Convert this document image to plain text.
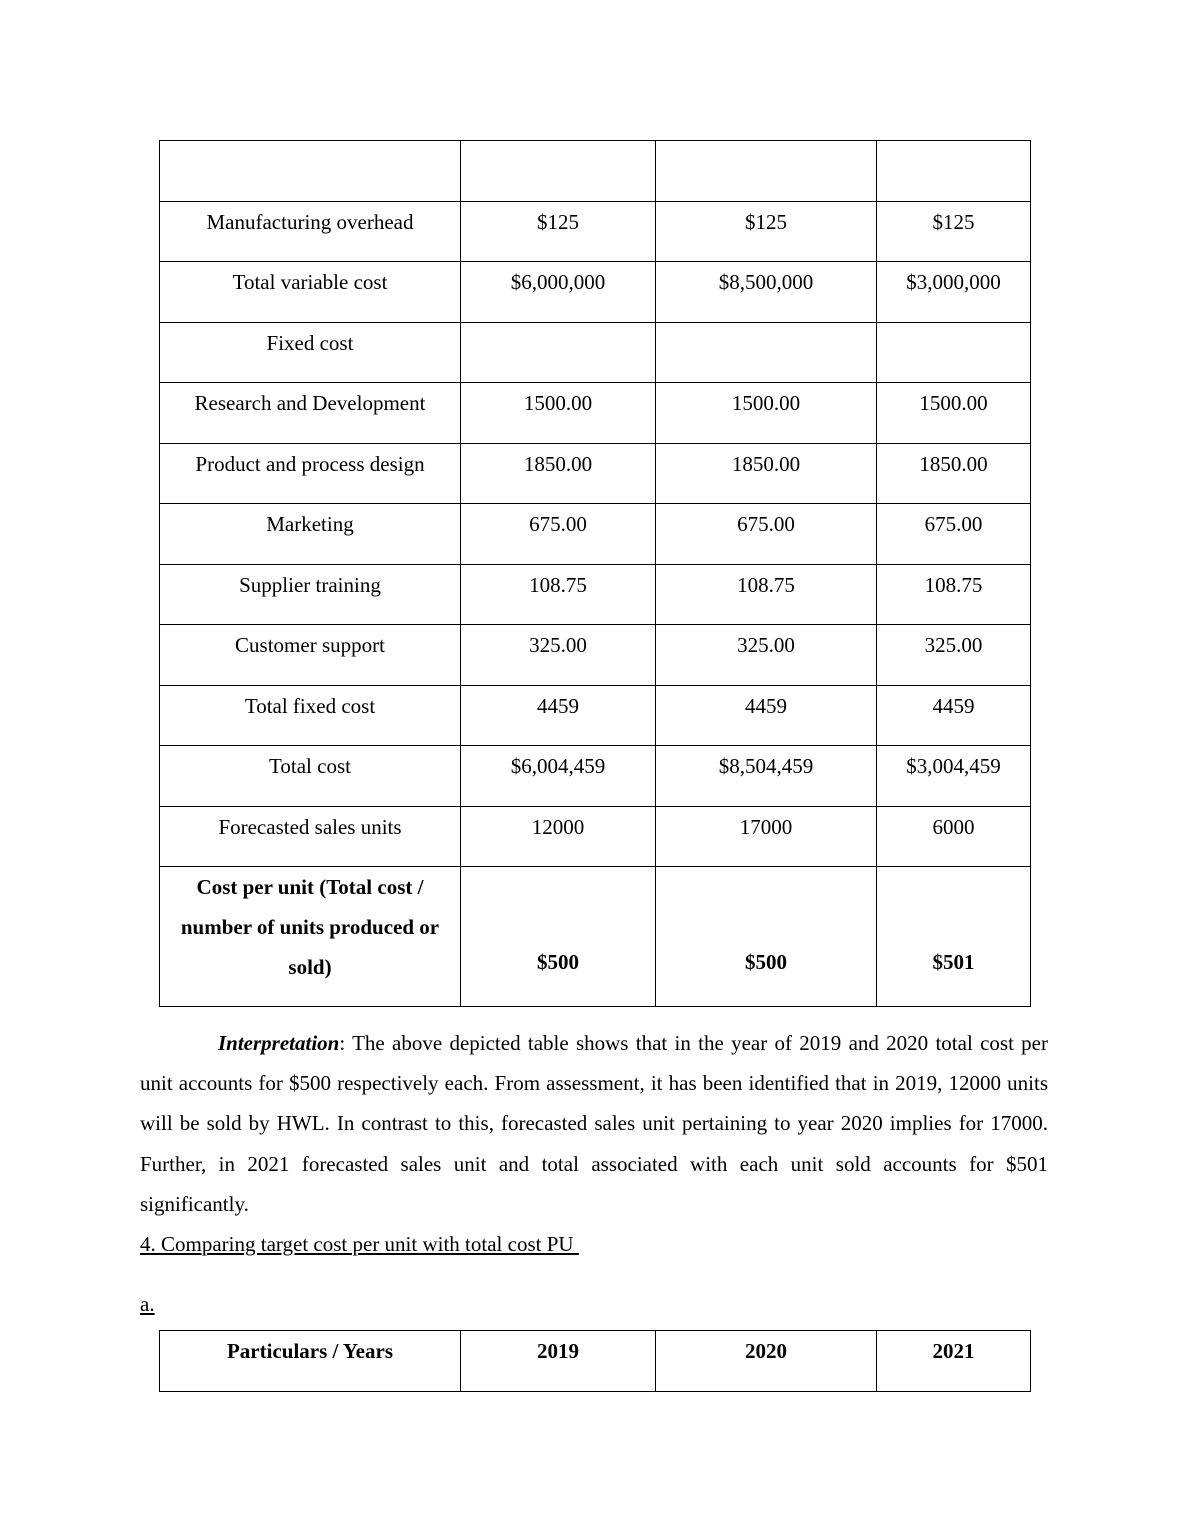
Manufacturing overhead	$125	$125	$125
Total variable cost	$6,000,000	$8,500,000	$3,000,000
Fixed cost			
Research and Development	1500.00	1500.00	1500.00
Product and process design	1850.00	1850.00	1850.00
Marketing	675.00	675.00	675.00
Supplier training	108.75	108.75	108.75
Customer support	325.00	325.00	325.00
Total fixed cost	4459	4459	4459
Total cost	$6,004,459	$8,504,459	$3,004,459
Forecasted sales units	12000	17000	6000
Cost per unit (Total cost / number of units produced or sold)	$500	$500	$501

Interpretation: The above depicted table shows that in the year of 2019 and 2020 total cost per unit accounts for $500 respectively each. From assessment, it has been identified that in 2019, 12000 units will be sold by HWL. In contrast to this, forecasted sales unit pertaining to year 2020 implies for 17000. Further, in 2021 forecasted sales unit and total associated with each unit sold accounts for $501 significantly.

4. Comparing target cost per unit with total cost PU
a.
Particulars / Years	2019	2020	2021
